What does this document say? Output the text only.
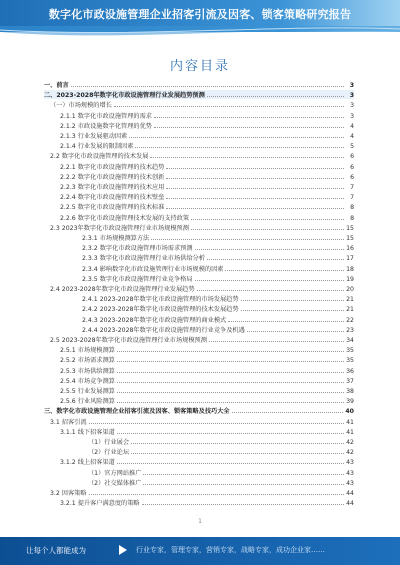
数字化市政设施管理企业招客引流及因客、锁客策略研究报告
内容目录
一、前言	3
二、2023-2028年数字化市政设施管理行业发展趋势预测	3
（一）市场规模的增长	3
2.1.1 数字化市政设施管理的需求	3
2.1.2 市政设施数字化管理的优势	4
2.1.3 行业发展驱动因素	4
2.1.4 行业发展的限制因素	5
2.2 数字化市政设施管理的技术发展	6
2.2.1 数字化市政设施管理的技术趋势	6
2.2.2 数字化市政设施管理的技术创新	6
2.2.3 数字化市政设施管理的技术应用	7
2.2.4 数字化市政设施管理的技术壁垒	7
2.2.5 数字化市政设施管理的技术标准	8
2.2.6 数字化市政设施管理技术发展的支持政策	8
2.3 2023年数字化市政设施管理行业市场规模预测	15
2.3.1 市场规模测算方法	15
2.3.2 数字化市政设施管理市场需求预测	16
2.3.3 数字化市政设施管理行业市场供给分析	17
2.3.4 影响数字化市政设施管理行业市场规模的因素	18
2.3.5 数字化市政设施管理行业竞争格局	19
2.4 2023-2028年数字化市政设施管理行业发展趋势	20
2.4.1 2023-2028年数字化市政设施管理的市场发展趋势	21
2.4.2 2023-2028年数字化市政设施管理的技术发展趋势	21
2.4.3 2023-2028年数字化市政设施管理的商业模式	22
2.4.4 2023-2028年数字化市政设施管理的行业竞争及机遇	23
2.5 2023-2028年数字化市政设施管理行业市场规模预测	34
2.5.1 市场规模测算	35
2.5.2 市场需求测算	35
2.5.3 市场供给测算	36
2.5.4 市场竞争测算	37
2.5.5 行业发展测算	38
2.5.6 行业风险测算	39
三、数字化市政设施管理企业招客引流及因客、锁客策略及技巧大全	40
3.1 招客引流	41
3.1.1 线下招客渠道	41
（1）行业展会	42
（2）行业论坛	42
3.1.2 线上招客渠道	43
（1）官方网站推广	43
（2）社交媒体推广	43
3.2 因客策略	44
3.2.1 提升客户满意度的策略	44
1
让每个人都能成为	行业专家，管理专家，营销专家，战略专家，成功企业家……
